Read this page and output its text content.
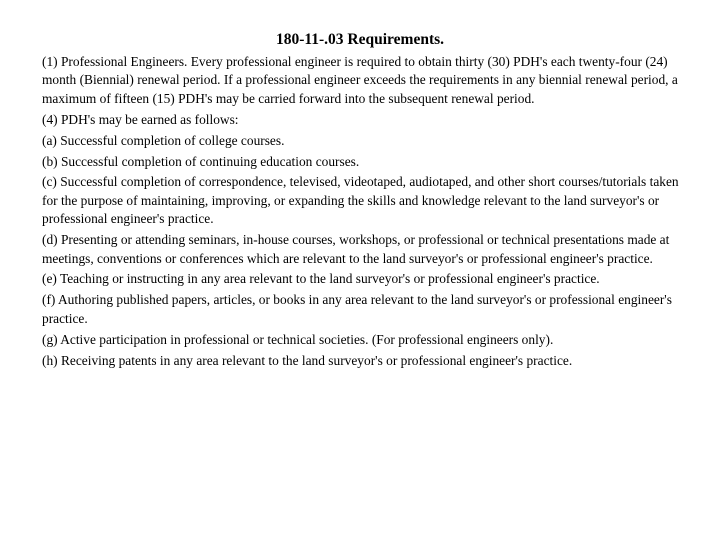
180-11-.03 Requirements.

(1) Professional Engineers. Every professional engineer is required to obtain thirty (30) PDH's each twenty-four (24) month (Biennial) renewal period. If a professional engineer exceeds the requirements in any biennial renewal period, a maximum of fifteen (15) PDH's may be carried forward into the subsequent renewal period.

(4) PDH's may be earned as follows:

(a) Successful completion of college courses.

(b) Successful completion of continuing education courses.

(c) Successful completion of correspondence, televised, videotaped, audiotaped, and other short courses/tutorials taken for the purpose of maintaining, improving, or expanding the skills and knowledge relevant to the land surveyor's or professional engineer's practice.

(d) Presenting or attending seminars, in-house courses, workshops, or professional or technical presentations made at meetings, conventions or conferences which are relevant to the land surveyor's or professional engineer's practice.

(e) Teaching or instructing in any area relevant to the land surveyor's or professional engineer's practice.

(f) Authoring published papers, articles, or books in any area relevant to the land surveyor's or professional engineer's practice.

(g) Active participation in professional or technical societies. (For professional engineers only).

(h) Receiving patents in any area relevant to the land surveyor's or professional engineer's practice.
